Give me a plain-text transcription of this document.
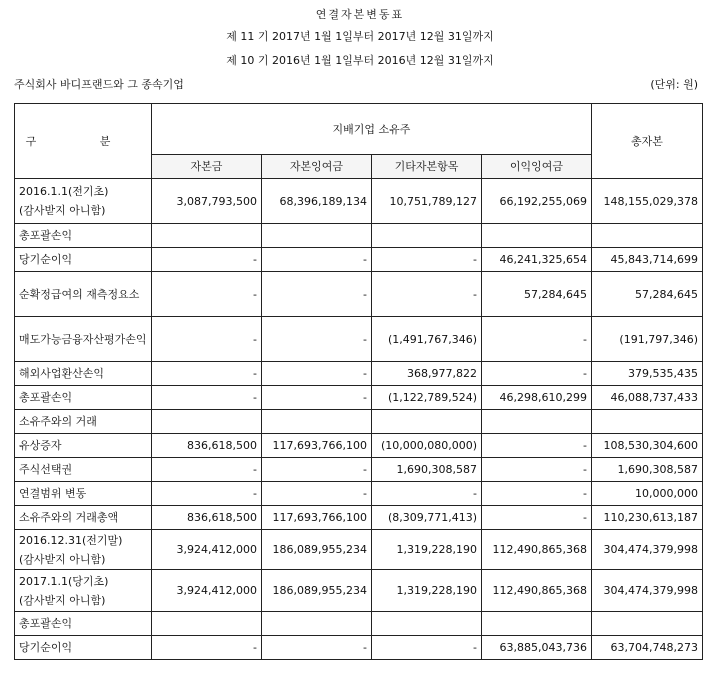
연결자본변동표
제 11 기 2017년 1월 1일부터 2017년 12월 31일까지
제 10 기 2016년 1월 1일부터 2016년 12월 31일까지
주식회사 바디프랜드와 그 종속기업	(단위: 원)
구 분	지배기업 소유주				총자본
	자본금	자본잉여금	기타자본항목	이익잉여금	
2016.1.1(전기초)
(감사받지 아니함)	3,087,793,500	68,396,189,134	10,751,789,127	66,192,255,069	148,155,029,378
총포괄손익					
당기순이익	-	-	-	46,241,325,654	45,843,714,699
순확정급여의 재측정요소	-	-	-	57,284,645	57,284,645
매도가능금융자산평가손익	-	-	(1,491,767,346)	-	(191,797,346)
해외사업환산손익	-	-	368,977,822	-	379,535,435
총포괄손익	-	-	(1,122,789,524)	46,298,610,299	46,088,737,433
소유주와의 거래					
유상증자	836,618,500	117,693,766,100	(10,000,080,000)	-	108,530,304,600
주식선택권	-	-	1,690,308,587	-	1,690,308,587
연결범위 변동	-	-	-	-	10,000,000
소유주와의 거래총액	836,618,500	117,693,766,100	(8,309,771,413)	-	110,230,613,187
2016.12.31(전기말)
(감사받지 아니함)	3,924,412,000	186,089,955,234	1,319,228,190	112,490,865,368	304,474,379,998
2017.1.1(당기초)
(감사받지 아니함)	3,924,412,000	186,089,955,234	1,319,228,190	112,490,865,368	304,474,379,998
총포괄손익					
당기순이익	-	-	-	63,885,043,736	63,704,748,273
